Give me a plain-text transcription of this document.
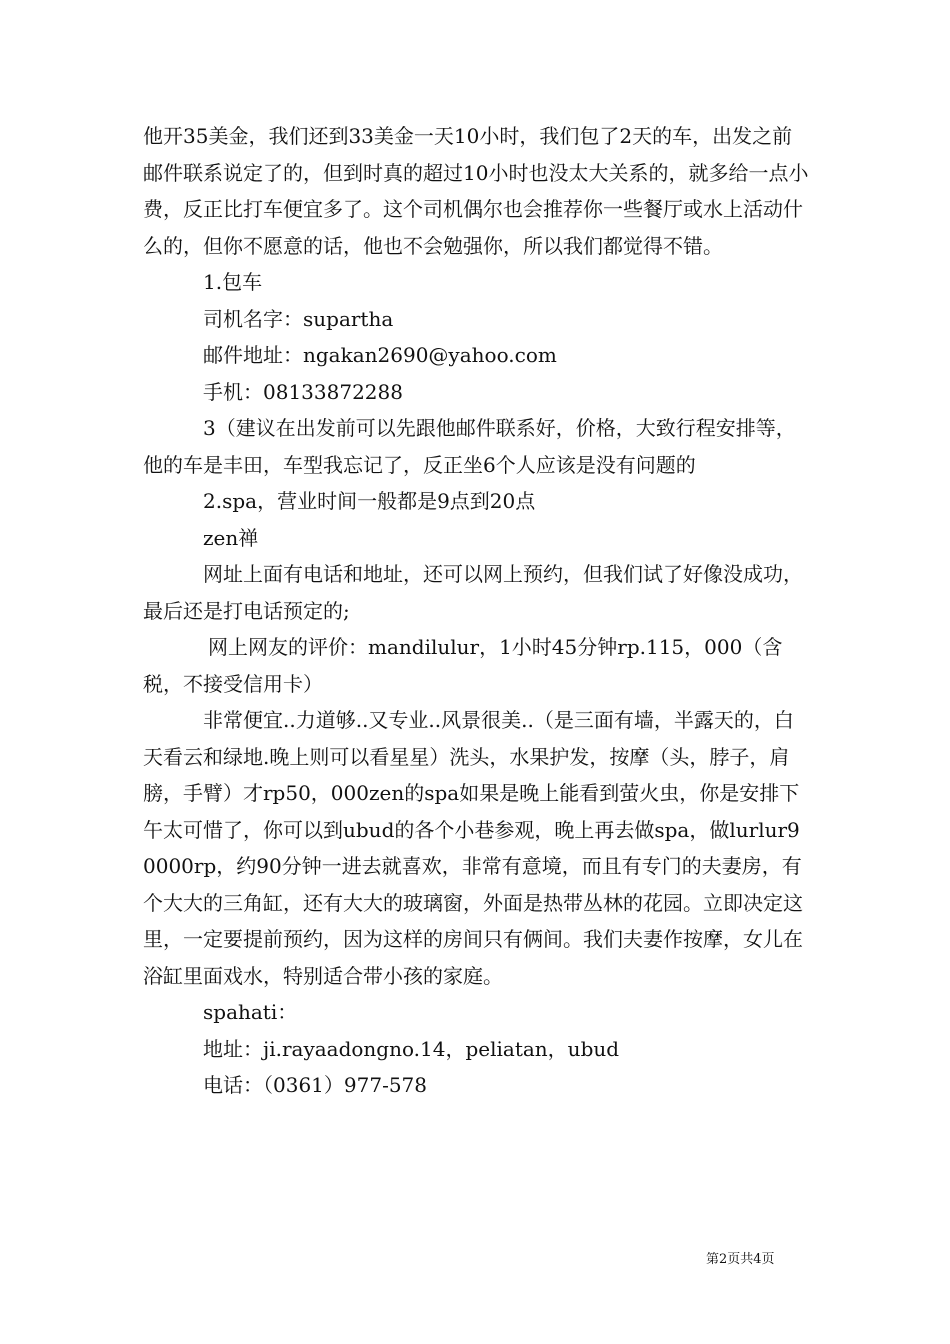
他开35美金，我们还到33美金一天10小时，我们包了2天的车，出发之前邮件联系说定了的，但到时真的超过10小时也没太大关系的，就多给一点小费，反正比打车便宜多了。这个司机偶尔也会推荐你一些餐厅或水上活动什么的，但你不愿意的话，他也不会勉强你，所以我们都觉得不错。

1.包车

司机名字：supartha

邮件地址：ngakan2690@yahoo.com

手机：08133872288

3（建议在出发前可以先跟他邮件联系好，价格，大致行程安排等，他的车是丰田，车型我忘记了，反正坐6个人应该是没有问题的

2.spa，营业时间一般都是9点到20点

zen禅

网址上面有电话和地址，还可以网上预约，但我们试了好像没成功，最后还是打电话预定的;

网上网友的评价：mandilulur，1小时45分钟rp.115，000（含税，不接受信用卡）

非常便宜..力道够..又专业..风景很美..（是三面有墙，半露天的，白天看云和绿地.晚上则可以看星星）洗头，水果护发，按摩（头，脖子，肩膀，手臂）才rp50，000zen的spa如果是晚上能看到萤火虫，你是安排下午太可惜了，你可以到ubud的各个小巷参观，晚上再去做spa，做lurlur90000rp，约90分钟一进去就喜欢，非常有意境，而且有专门的夫妻房，有个大大的三角缸，还有大大的玻璃窗，外面是热带丛林的花园。立即决定这里，一定要提前预约，因为这样的房间只有俩间。我们夫妻作按摩，女儿在浴缸里面戏水，特别适合带小孩的家庭。

spahati：

地址：ji.rayaadongno.14，peliatan，ubud

电话：（0361）977-578

第2页共4页
